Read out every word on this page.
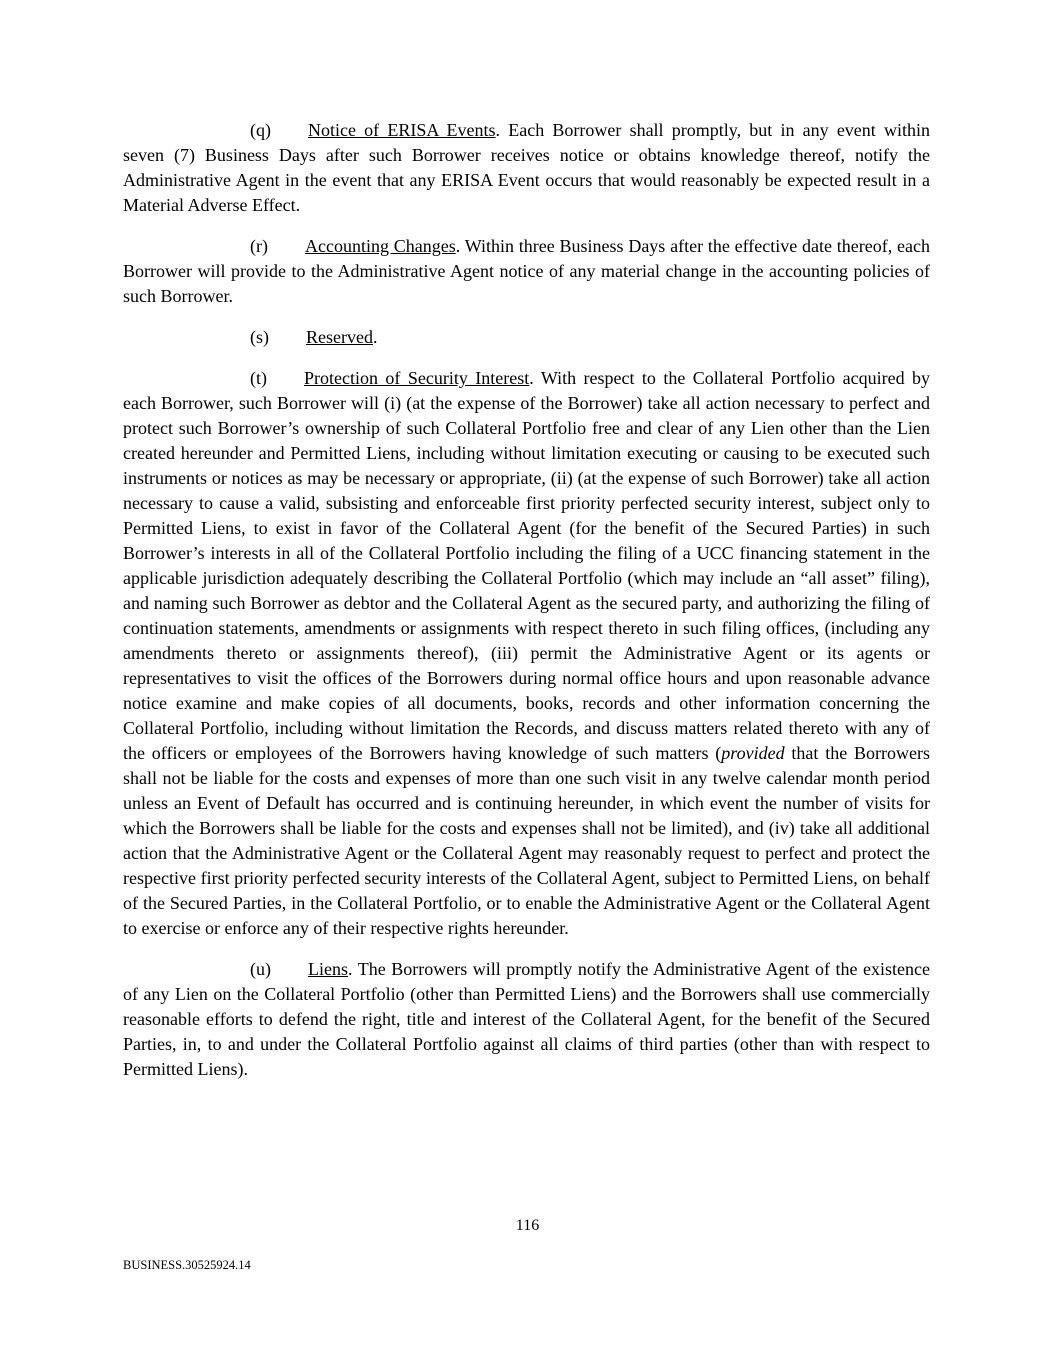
(q) Notice of ERISA Events. Each Borrower shall promptly, but in any event within seven (7) Business Days after such Borrower receives notice or obtains knowledge thereof, notify the Administrative Agent in the event that any ERISA Event occurs that would reasonably be expected result in a Material Adverse Effect.

(r) Accounting Changes. Within three Business Days after the effective date thereof, each Borrower will provide to the Administrative Agent notice of any material change in the accounting policies of such Borrower.

(s) Reserved.

(t) Protection of Security Interest. With respect to the Collateral Portfolio acquired by each Borrower, such Borrower will (i) (at the expense of the Borrower) take all action necessary to perfect and protect such Borrower’s ownership of such Collateral Portfolio free and clear of any Lien other than the Lien created hereunder and Permitted Liens, including without limitation executing or causing to be executed such instruments or notices as may be necessary or appropriate, (ii) (at the expense of such Borrower) take all action necessary to cause a valid, subsisting and enforceable first priority perfected security interest, subject only to Permitted Liens, to exist in favor of the Collateral Agent (for the benefit of the Secured Parties) in such Borrower’s interests in all of the Collateral Portfolio including the filing of a UCC financing statement in the applicable jurisdiction adequately describing the Collateral Portfolio (which may include an “all asset” filing), and naming such Borrower as debtor and the Collateral Agent as the secured party, and authorizing the filing of continuation statements, amendments or assignments with respect thereto in such filing offices, (including any amendments thereto or assignments thereof), (iii) permit the Administrative Agent or its agents or representatives to visit the offices of the Borrowers during normal office hours and upon reasonable advance notice examine and make copies of all documents, books, records and other information concerning the Collateral Portfolio, including without limitation the Records, and discuss matters related thereto with any of the officers or employees of the Borrowers having knowledge of such matters (provided that the Borrowers shall not be liable for the costs and expenses of more than one such visit in any twelve calendar month period unless an Event of Default has occurred and is continuing hereunder, in which event the number of visits for which the Borrowers shall be liable for the costs and expenses shall not be limited), and (iv) take all additional action that the Administrative Agent or the Collateral Agent may reasonably request to perfect and protect the respective first priority perfected security interests of the Collateral Agent, subject to Permitted Liens, on behalf of the Secured Parties, in the Collateral Portfolio, or to enable the Administrative Agent or the Collateral Agent to exercise or enforce any of their respective rights hereunder.

(u) Liens. The Borrowers will promptly notify the Administrative Agent of the existence of any Lien on the Collateral Portfolio (other than Permitted Liens) and the Borrowers shall use commercially reasonable efforts to defend the right, title and interest of the Collateral Agent, for the benefit of the Secured Parties, in, to and under the Collateral Portfolio against all claims of third parties (other than with respect to Permitted Liens).

116
BUSINESS.30525924.14
